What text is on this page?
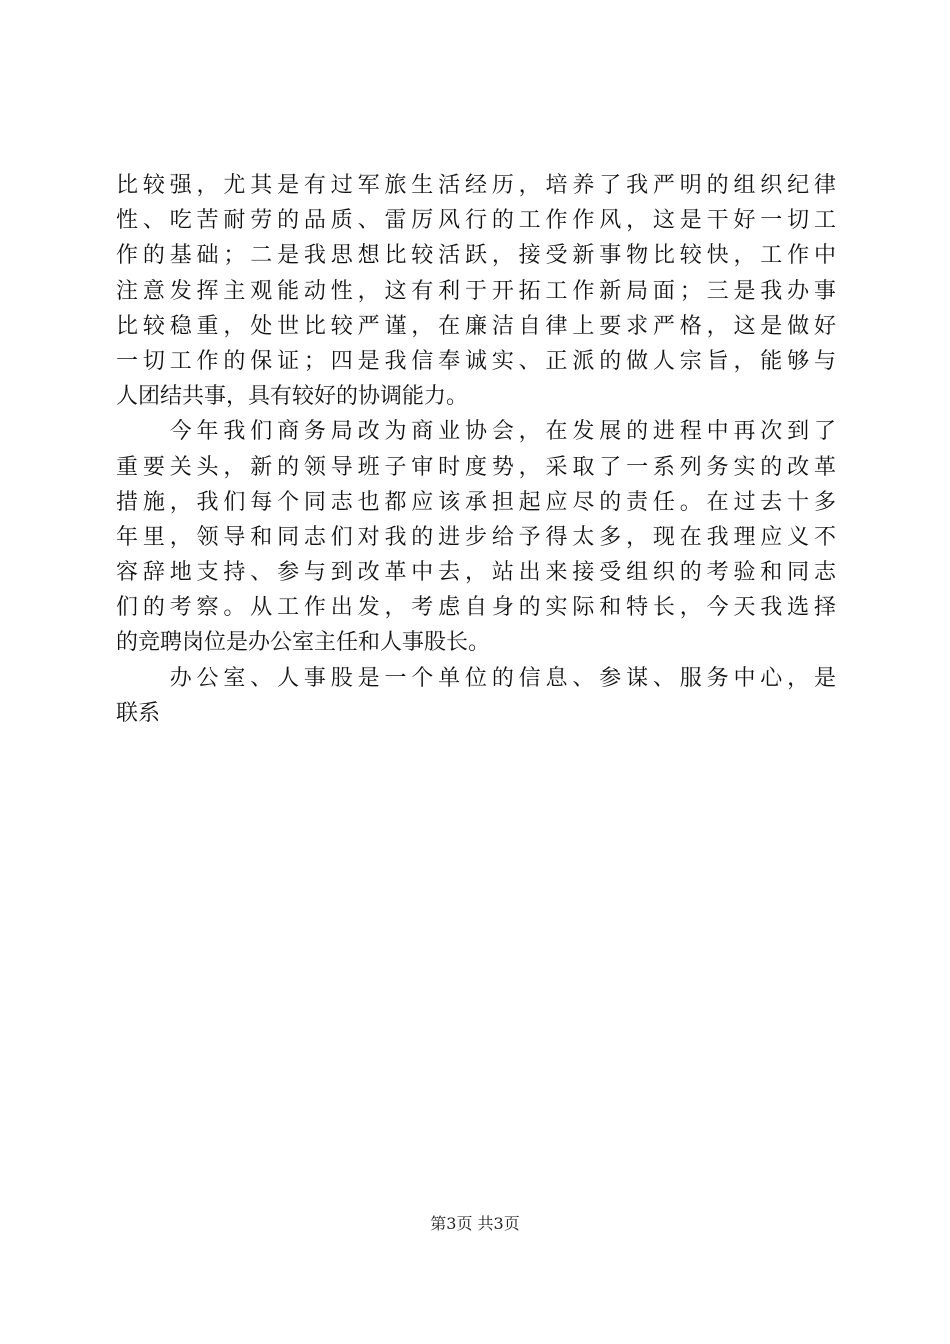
比较强，尤其是有过军旅生活经历，培养了我严明的组织纪律
性、吃苦耐劳的品质、雷厉风行的工作作风，这是干好一切工
作的基础；二是我思想比较活跃，接受新事物比较快，工作中
注意发挥主观能动性，这有利于开拓工作新局面；三是我办事
比较稳重，处世比较严谨，在廉洁自律上要求严格，这是做好
一切工作的保证；四是我信奉诚实、正派的做人宗旨，能够与
人团结共事，具有较好的协调能力。
　　今年我们商务局改为商业协会，在发展的进程中再次到了
重要关头，新的领导班子审时度势，采取了一系列务实的改革
措施，我们每个同志也都应该承担起应尽的责任。在过去十多
年里，领导和同志们对我的进步给予得太多，现在我理应义不
容辞地支持、参与到改革中去，站出来接受组织的考验和同志
们的考察。从工作出发，考虑自身的实际和特长，今天我选择
的竞聘岗位是办公室主任和人事股长。
　　办公室、人事股是一个单位的信息、参谋、服务中心，是
联系
第3页 共3页
